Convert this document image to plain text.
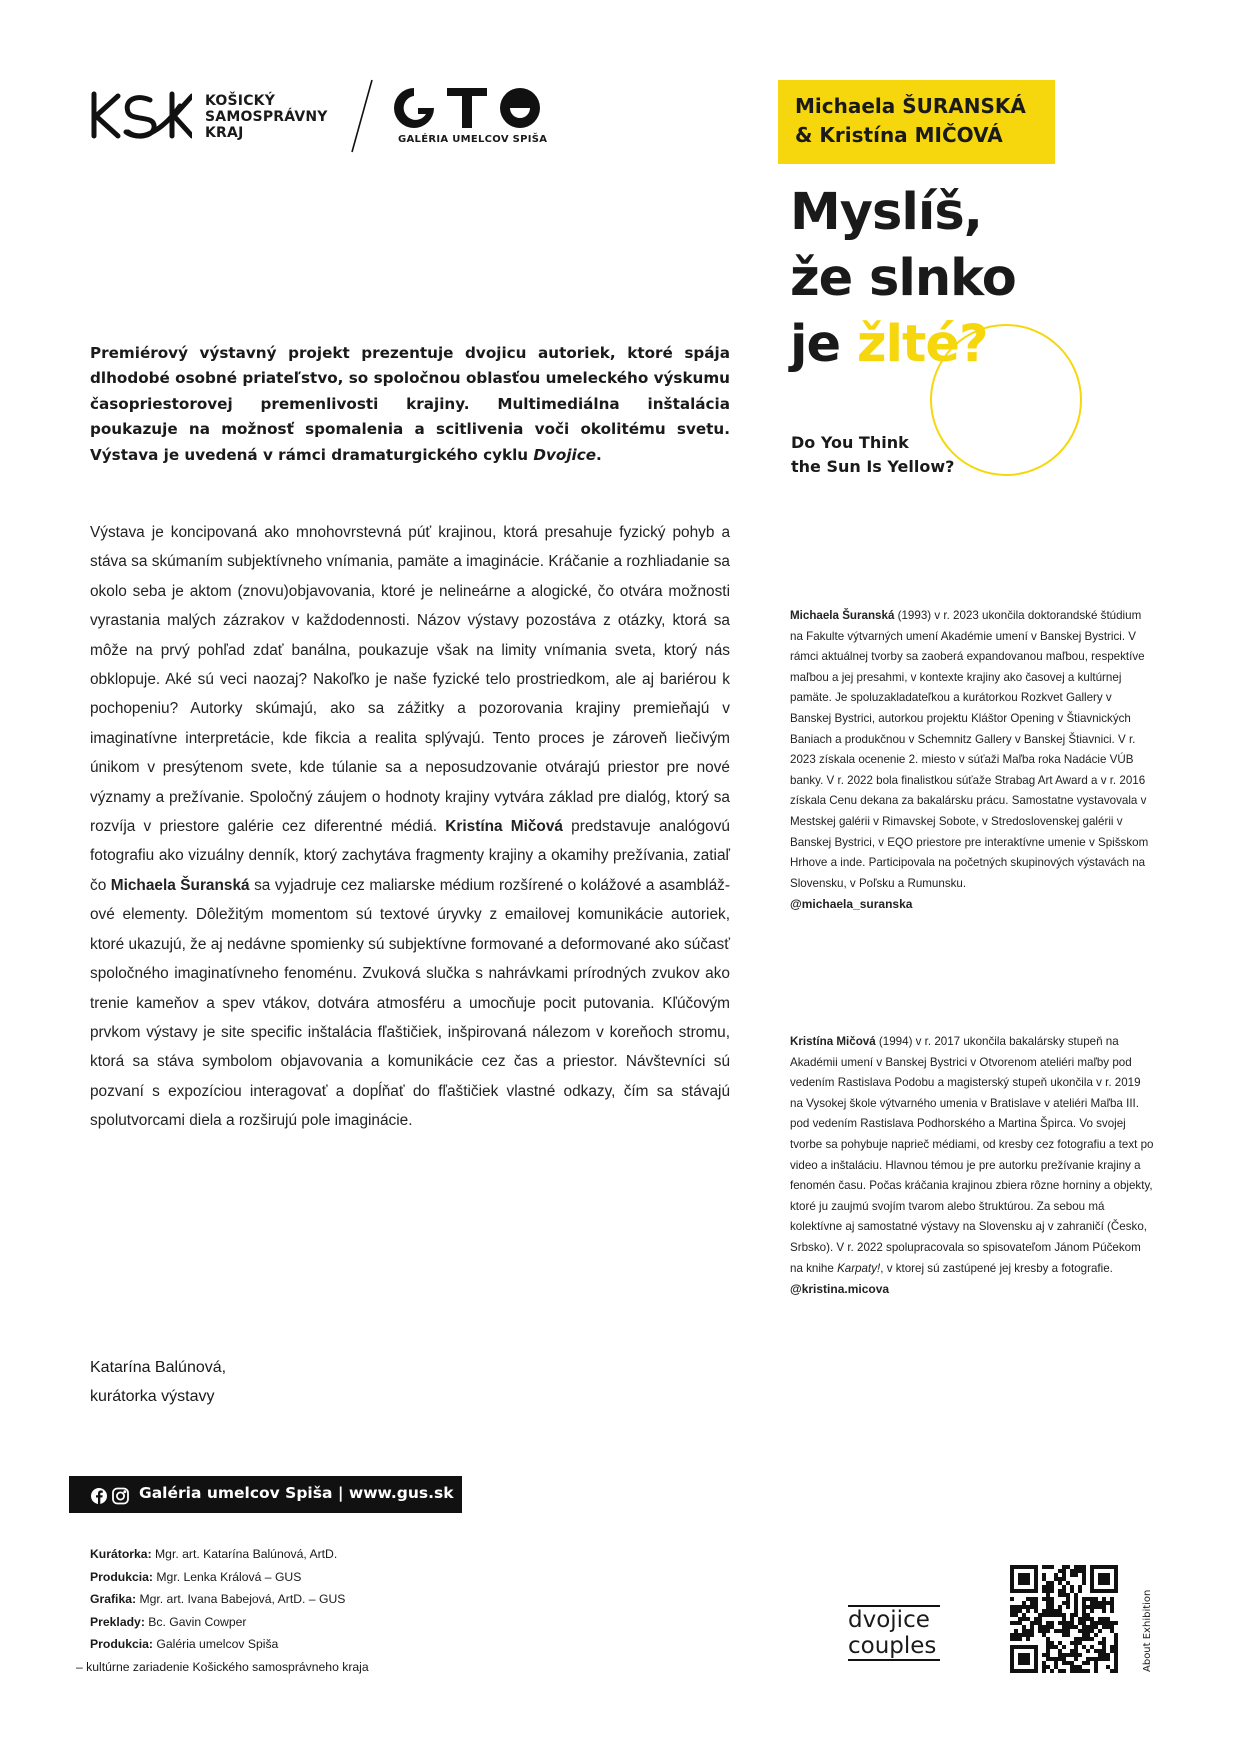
KOŠICKÝ
SAMOSPRÁVNY
KRAJ	GALÉRIA UMELCOV SPIŠA
Michaela ŠURANSKÁ
& Kristína MIČOVÁ
Myslíš,
že slnko
je žlté?
Do You Think
the Sun Is Yellow?
Premiérový výstavný projekt prezentuje dvojicu autoriek, ktoré spája dlhodobé osobné priateľstvo, so spoločnou oblasťou umeleckého výskumu časopriestorovej premenlivosti krajiny. Multimediálna inštalácia poukazuje na možnosť spomalenia a scitlivenia voči okolitému svetu. Výstava je uvedená v rámci dramaturgického cyklu Dvojice.
Výstava je koncipovaná ako mnohovrstevná púť krajinou, ktorá presahuje fyzický pohyb a stáva sa skúmaním subjektívneho vnímania, pamäte a imaginácie. Kráčanie a rozhliadanie sa okolo seba je aktom (znovu)objavovania, ktoré je nelineárne a alogické, čo otvára možnosti vyrastania malých zázrakov v každodennosti. Názov výstavy pozostáva z otázky, ktorá sa môže na prvý pohľad zdať banálna, poukazuje však na limity vnímania sveta, ktorý nás obklopuje. Aké sú veci naozaj? Nakoľko je naše fyzické telo prostriedkom, ale aj bariérou k pochopeniu? Autorky skúmajú, ako sa zážitky a pozorovania krajiny premieňajú v imaginatívne interpretácie, kde fikcia a realita splývajú. Tento proces je zároveň liečivým únikom v presýtenom svete, kde túlanie sa a neposudzovanie otvárajú priestor pre nové významy a prežívanie. Spoločný záujem o hodnoty krajiny vytvára základ pre dialóg, ktorý sa rozvíja v priestore galérie cez diferentné médiá. Kristína Mičová predstavuje analógovú fotografiu ako vizuálny denník, ktorý zachytáva fragmenty krajiny a okamihy prežívania, zatiaľ čo Michaela Šuranská sa vyjadruje cez maliarske médium rozšírené o kolážové a asamblážové elementy. Dôležitým momentom sú textové úryvky z emailovej komunikácie autoriek, ktoré ukazujú, že aj nedávne spomienky sú subjektívne formované a deformované ako súčasť spoločného imaginatívneho fenoménu. Zvuková slučka s nahrávkami prírodných zvukov ako trenie kameňov a spev vtákov, dotvára atmosféru a umocňuje pocit putovania. Kľúčovým prvkom výstavy je site specific inštalácia fľaštičiek, inšpirovaná nálezom v koreňoch stromu, ktorá sa stáva symbolom objavovania a komunikácie cez čas a priestor. Návštevníci sú pozvaní s expozíciou interagovať a dopĺňať do fľaštičiek vlastné odkazy, čím sa stávajú spolutvorcami diela a rozširujú pole imaginácie.
Katarína Balúnová,
kurátorka výstavy
Michaela Šuranská (1993) v r. 2023 ukončila doktorandské štúdium na Fakulte výtvarných umení Akadémie umení v Banskej Bystrici. V rámci aktuálnej tvorby sa zaoberá expandovanou maľbou, respektíve maľbou a jej presahmi, v kontexte krajiny ako časovej a kultúrnej pamäte. Je spoluzakladateľkou a kurátorkou Rozkvet Gallery v Banskej Bystrici, autorkou projektu Kláštor Opening v Štiavnických Baniach a produkčnou v Schemnitz Gallery v Banskej Štiavnici. V r. 2023 získala ocenenie 2. miesto v súťaži Maľba roka Nadácie VÚB banky. V r. 2022 bola finalistkou súťaže Strabag Art Award a v r. 2016 získala Cenu dekana za bakalársku prácu. Samostatne vystavovala v Mestskej galérii v Rimavskej Sobote, v Stredoslovenskej galérii v Banskej Bystrici, v EQO priestore pre interaktívne umenie v Spišskom Hrhove a inde. Participovala na početných skupinových výstavách na Slovensku, v Poľsku a Rumunsku.
@michaela_suranska
Kristína Mičová (1994) v r. 2017 ukončila bakalársky stupeň na Akadémii umení v Banskej Bystrici v Otvorenom ateliéri maľby pod vedením Rastislava Podobu a magisterský stupeň ukončila v r. 2019 na Vysokej škole výtvarného umenia v Bratislave v ateliéri Maľba III. pod vedením Rastislava Podhorského a Martina Špirca. Vo svojej tvorbe sa pohybuje naprieč médiami, od kresby cez fotografiu a text po video a inštaláciu. Hlavnou témou je pre autorku prežívanie krajiny a fenomén času. Počas kráčania krajinou zbiera rôzne horniny a objekty, ktoré ju zaujmú svojím tvarom alebo štruktúrou. Za sebou má kolektívne aj samostatné výstavy na Slovensku aj v zahraničí (Česko, Srbsko). V r. 2022 spolupracovala so spisovateľom Jánom Púčekom na knihe Karpaty!, v ktorej sú zastúpené jej kresby a fotografie.
@kristina.micova
Galéria umelcov Spiša | www.gus.sk
Kurátorka: Mgr. art. Katarína Balúnová, ArtD.
Produkcia: Mgr. Lenka Králová – GUS
Grafika: Mgr. art. Ivana Babejová, ArtD. – GUS
Preklady: Bc. Gavin Cowper
Produkcia: Galéria umelcov Spiša
– kultúrne zariadenie Košického samosprávneho kraja
dvojice
couples	About Exhibition
